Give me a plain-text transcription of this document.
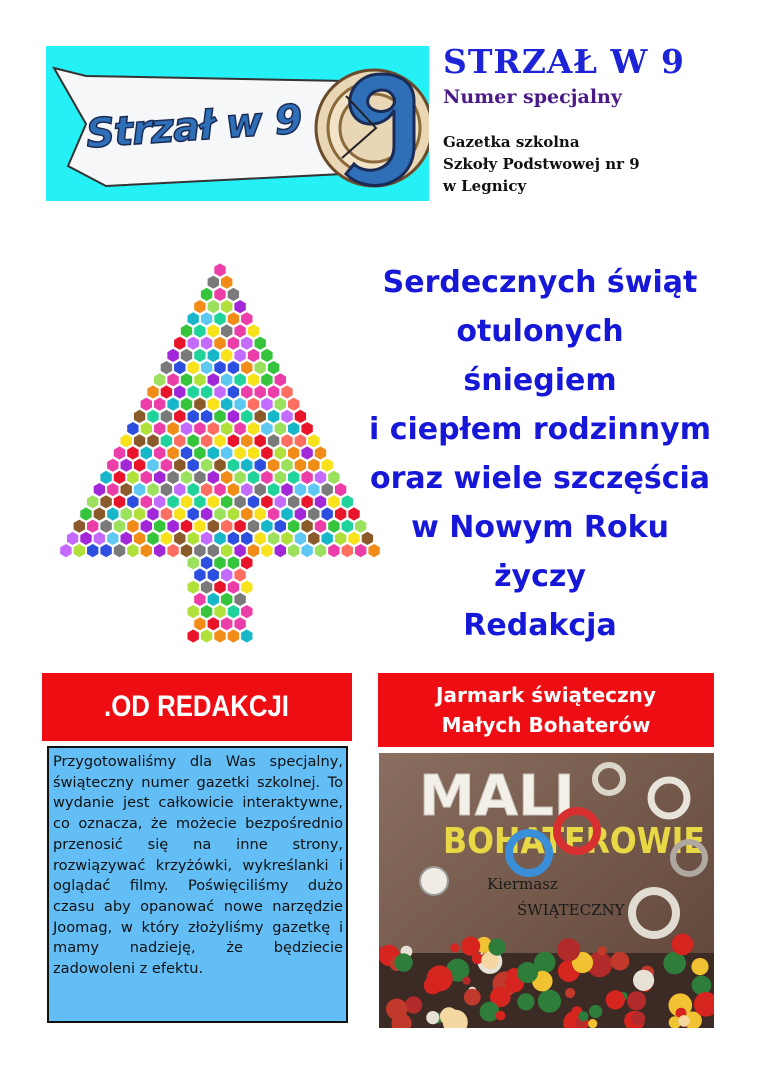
Strzał w 9
STRZAŁ W 9
Numer specjalny
Gazetka szkolna
Szkoły Podstwowej nr 9
w Legnicy
Serdecznych świąt
otulonych
śniegiem
i ciepłem rodzinnym
oraz wiele szczęścia
w Nowym Roku
życzy
Redakcja
.OD REDAKCJI	Jarmark świąteczny
Małych Bohaterów
Przygotowaliśmy dla Was specjalny, świąteczny numer gazetki szkolnej. To wydanie jest całkowicie interaktywne, co oznacza, że możecie bezpośrednio przenosić się na inne strony, rozwiązywać krzyżówki, wykreślanki i oglądać filmy. Poświęciliśmy dużo czasu aby opanować nowe narzędzie Joomag, w który złożyliśmy gazetkę i mamy nadzieję, że będziecie zadowoleni z efektu.
MALI
BOHATEROWIE
Kiermasz
ŚWIĄTECZNY
